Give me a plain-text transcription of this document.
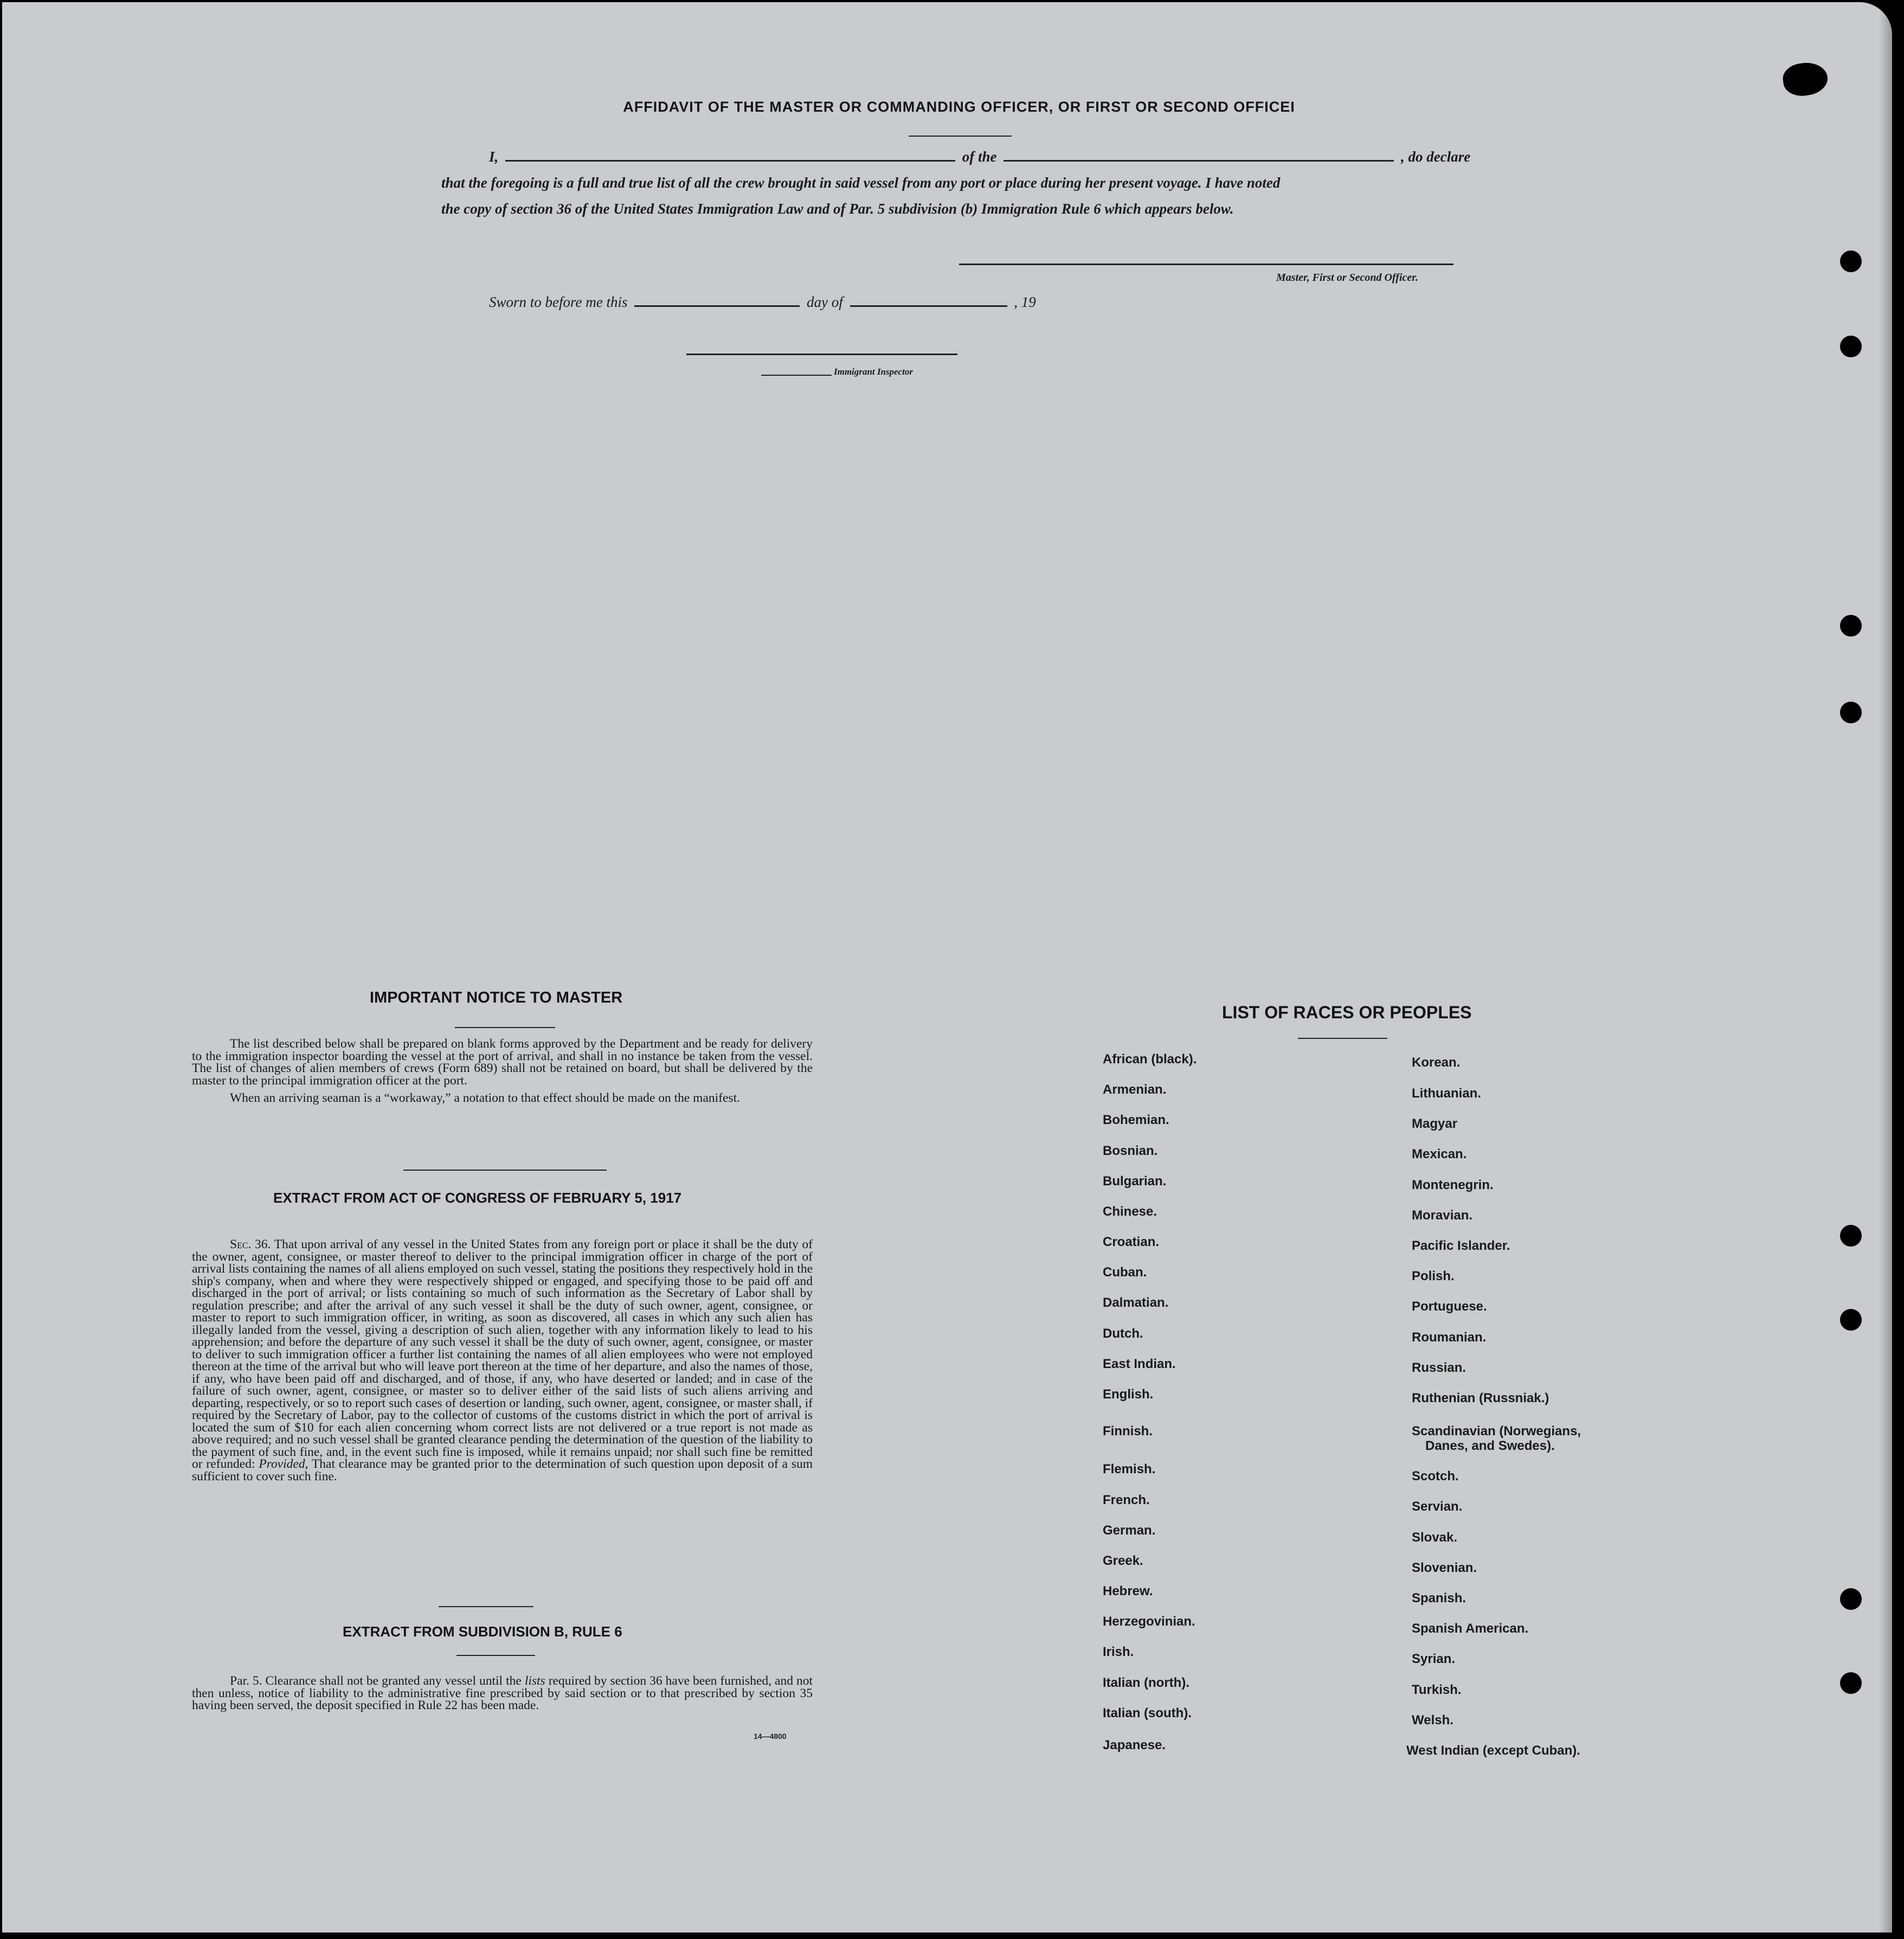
AFFIDAVIT OF THE MASTER OR COMMANDING OFFICER, OR FIRST OR SECOND OFFICEI
I,	of the	, do declare
that the foregoing is a full and true list of all the crew brought in said vessel from any port or place during her present voyage. I have noted
the copy of section 36 of the United States Immigration Law and of Par. 5 subdivision (b) Immigration Rule 6 which appears below.
Master, First or Second Officer.
Sworn to before me this	day of	, 19
Immigrant Inspector
IMPORTANT NOTICE TO MASTER

The list described below shall be prepared on blank forms approved by the Department and be ready for delivery to the immigration inspector boarding the vessel at the port of arrival, and shall in no instance be taken from the vessel. The list of changes of alien members of crews (Form 689) shall not be retained on board, but shall be delivered by the master to the principal immigration officer at the port.

When an arriving seaman is a “workaway,” a notation to that effect should be made on the manifest.

EXTRACT FROM ACT OF CONGRESS OF FEBRUARY 5, 1917

Sec. 36. That upon arrival of any vessel in the United States from any foreign port or place it shall be the duty of the owner, agent, consignee, or master thereof to deliver to the principal immigration officer in charge of the port of arrival lists containing the names of all aliens employed on such vessel, stating the positions they respectively hold in the ship's company, when and where they were respectively shipped or engaged, and specifying those to be paid off and discharged in the port of arrival; or lists containing so much of such information as the Secretary of Labor shall by regulation prescribe; and after the arrival of any such vessel it shall be the duty of such owner, agent, consignee, or master to report to such immigration officer, in writing, as soon as discovered, all cases in which any such alien has illegally landed from the vessel, giving a description of such alien, together with any information likely to lead to his apprehension; and before the departure of any such vessel it shall be the duty of such owner, agent, consignee, or master to deliver to such immigration officer a further list containing the names of all alien employees who were not employed thereon at the time of the arrival but who will leave port thereon at the time of her departure, and also the names of those, if any, who have been paid off and discharged, and of those, if any, who have deserted or landed; and in case of the failure of such owner, agent, consignee, or master so to deliver either of the said lists of such aliens arriving and departing, respectively, or so to report such cases of desertion or landing, such owner, agent, consignee, or master shall, if required by the Secretary of Labor, pay to the collector of customs of the customs district in which the port of arrival is located the sum of $10 for each alien concerning whom correct lists are not delivered or a true report is not made as above required; and no such vessel shall be granted clearance pending the determination of the question of the liability to the payment of such fine, and, in the event such fine is imposed, while it remains unpaid; nor shall such fine be remitted or refunded: Provided, That clearance may be granted prior to the determination of such question upon deposit of a sum sufficient to cover such fine.

EXTRACT FROM SUBDIVISION B, RULE 6

Par. 5. Clearance shall not be granted any vessel until the lists required by section 36 have been furnished, and not then unless, notice of liability to the administrative fine prescribed by said section or to that prescribed by section 35 having been served, the deposit specified in Rule 22 has been made.

14—4800
LIST OF RACES OR PEOPLES
African (black).
Armenian.
Bohemian.
Bosnian.
Bulgarian.
Chinese.
Croatian.
Cuban.
Dalmatian.
Dutch.
East Indian.
English.
Finnish.
Flemish.
French.
German.
Greek.
Hebrew.
Herzegovinian.
Irish.
Italian (north).
Italian (south).
Japanese.
Korean.
Lithuanian.
Magyar
Mexican.
Montenegrin.
Moravian.
Pacific Islander.
Polish.
Portuguese.
Roumanian.
Russian.
Ruthenian (Russniak.)
Scandinavian (Norwegians,
Danes, and Swedes).
Scotch.
Servian.
Slovak.
Slovenian.
Spanish.
Spanish American.
Syrian.
Turkish.
Welsh.
West Indian (except Cuban).
